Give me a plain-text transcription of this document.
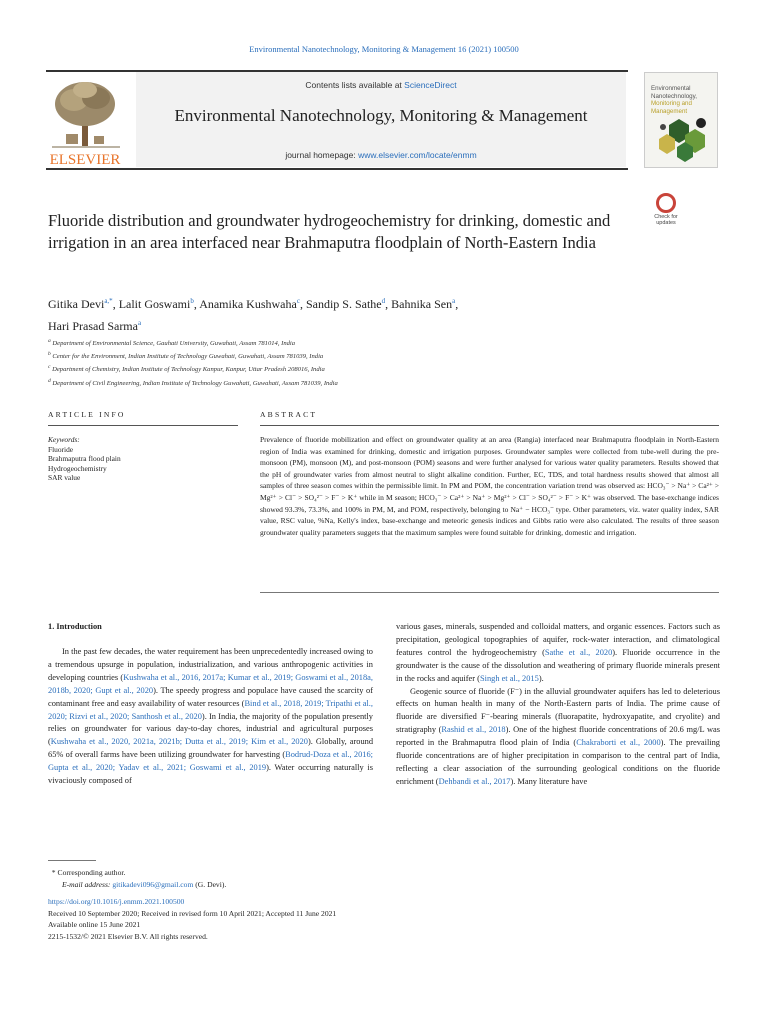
Environmental Nanotechnology, Monitoring & Management 16 (2021) 100500
ELSEVIER
Contents lists available at ScienceDirect
Environmental Nanotechnology, Monitoring & Management
journal homepage: www.elsevier.com/locate/enmm
Environmental
Nanotechnology,
Monitoring and
Management
Check for
updates
Fluoride distribution and groundwater hydrogeochemistry for drinking, domestic and irrigation in an area interfaced near Brahmaputra floodplain of North-Eastern India
Gitika Devi$^{a,*}$, Lalit Goswami$^b$, Anamika Kushwaha$^c$, Sandip S. Sathe$^d$, Bahnika Sen$^a$,
Hari Prasad Sarma$^a$
$^a$ Department of Environmental Science, Gauhati University, Guwahati, Assam 781014, India
$^b$ Center for the Environment, Indian Institute of Technology Guwahati, Guwahati, Assam 781039, India
$^c$ Department of Chemistry, Indian Institute of Technology Kanpur, Kanpur, Uttar Pradesh 208016, India
$^d$ Department of Civil Engineering, Indian Institute of Technology Guwahati, Guwahati, Assam 781039, India
ARTICLE INFO	ABSTRACT
Keywords:
Fluoride
Brahmaputra flood plain
Hydrogeochemistry
SAR value
Prevalence of fluoride mobilization and effect on groundwater quality at an area (Rangia) interfaced near Brahmaputra floodplain in North-Eastern region of India was examined for drinking, domestic and irrigation purposes. Groundwater samples were collected from tube-well during the pre-monsoon (PM), monsoon (M), and post-monsoon (POM) seasons and were further analysed for various water quality parameters. Results showed that the pH of groundwater varies from almost neutral to slight alkaline condition. Further, EC, TDS, and total hardness results showed that almost all samples of three season comes within the permissible limit. In PM and POM, the concentration variation trend was observed as: HCO₃⁻ > Na⁺ > Ca²⁺ > Mg²⁺ > Cl⁻ > SO₄²⁻ > F⁻ > K⁺ while in M season; HCO₃⁻ > Ca²⁺ > Na⁺ > Mg²⁺ > Cl⁻ > SO₄²⁻ > F⁻ > K⁺ was observed. The base-exchange indices showed 93.3%, 73.3%, and 100% in PM, M, and POM, respectively, belonging to Na⁺ − HCO₃⁻ type. Other parameters, viz. water quality index, SAR value, RSC value, %Na, Kelly's index, base-exchange and meteoric genesis indices and Gibbs ratio were also calculated. The results of three season groundwater quality parameters suggets that the maximum samples were found suitable for drinking, domestic and irrigation.
1. Introduction

In the past few decades, the water requirement has been unprecedentedly increased owing to a tremendous upsurge in population, industrialization, and various anthropogenic activities in developing countries (Kushwaha et al., 2016, 2017a; Kumar et al., 2019; Goswami et al., 2018a, 2018b, 2020; Gupt et al., 2020). The speedy progress and populace have caused the scarcity of contaminant free and easy availability of water resources (Bind et al., 2018, 2019; Tripathi et al., 2020; Rizvi et al., 2020; Santhosh et al., 2020). In India, the majority of the population presently relies on groundwater for various day-to-day chores, industrial and agricultural purposes (Kushwaha et al., 2020, 2021a, 2021b; Dutta et al., 2019; Kim et al., 2020). Globally, around 65% of overall farms have been utilizing groundwater for harvesting (Bodrud-Doza et al., 2016; Gupta et al., 2020; Yadav et al., 2021; Goswami et al., 2019). Water occurring naturally is vivaciously composed of

various gases, minerals, suspended and colloidal matters, and organic essences. Factors such as precipitation, geological topographies of aquifer, rock-water interaction, and climatological features control the hydrogeochemistry (Sathe et al., 2020). Fluoride occurrence in the groundwater is the cause of the dissolution and weathering of primary fluoride minerals present in the rocks and aquifer (Singh et al., 2015).

Geogenic source of fluoride (F⁻) in the alluvial groundwater aquifers has led to deleterious effects on human health in many of the North-Eastern parts of India. The prime cause of fluoride are diversified F⁻-bearing minerals (fluorapatite, hydroxyapatite, and cryolite) and stratigraphy (Rashid et al., 2018). One of the highest fluoride concentrations of 20.6 mg/L was reported in the Brahmaputra flood plain of India (Chakraborti et al., 2000). The prevailing fluoride concentrations are of higher precipitation in comparison to the central part of India, reflecting a clear association of the surrounding geological conditions on the fluoride enrichment (Dehbandi et al., 2017). Many literature have

* Corresponding author.
E-mail address: gitikadevi096@gmail.com (G. Devi).
https://doi.org/10.1016/j.enmm.2021.100500
Received 10 September 2020; Received in revised form 10 April 2021; Accepted 11 June 2021
Available online 15 June 2021
2215-1532/© 2021 Elsevier B.V. All rights reserved.
